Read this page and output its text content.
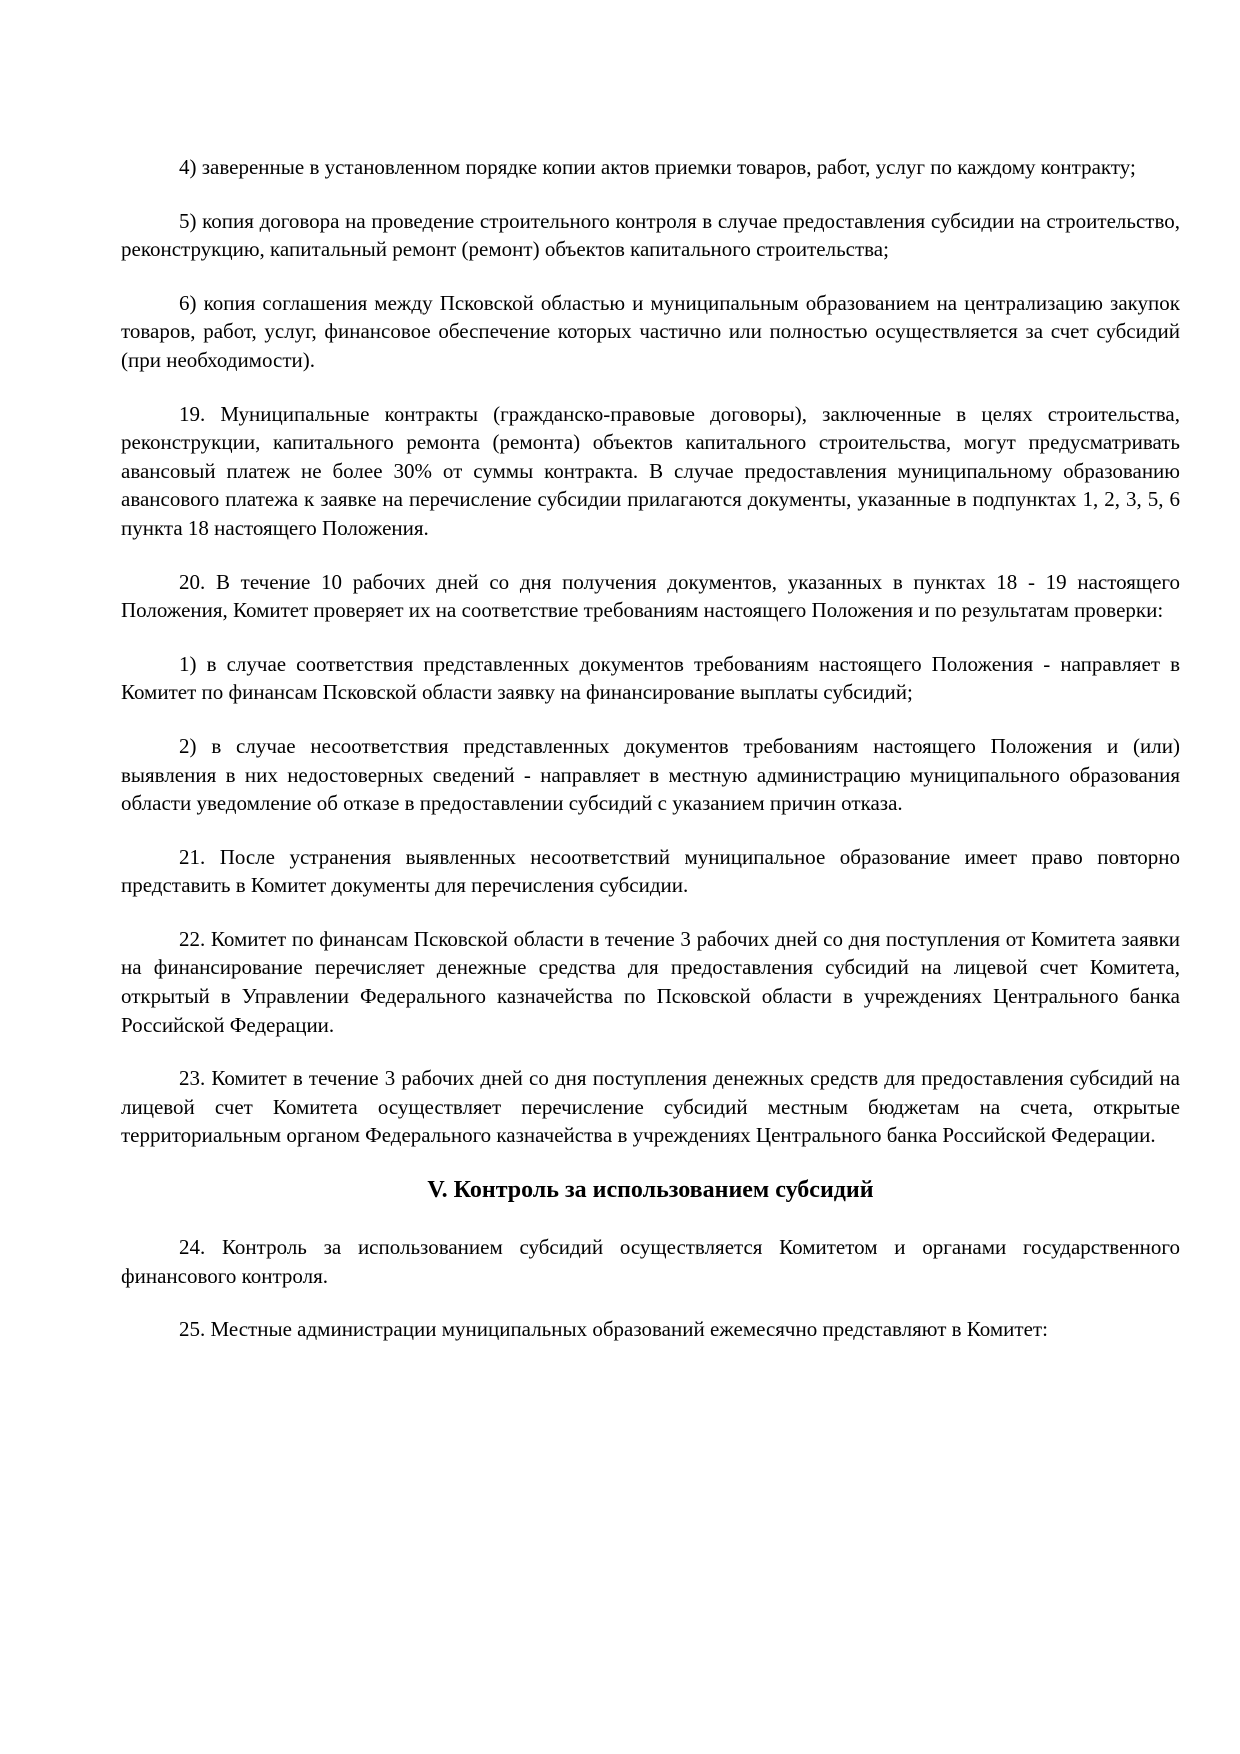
4) заверенные в установленном порядке копии актов приемки товаров, работ, услуг по каждому контракту;

5) копия договора на проведение строительного контроля в случае предоставления субсидии на строительство, реконструкцию, капитальный ремонт (ремонт) объектов капитального строительства;

6) копия соглашения между Псковской областью и муниципальным образованием на централизацию закупок товаров, работ, услуг, финансовое обеспечение которых частично или полностью осуществляется за счет субсидий (при необходимости).

19. Муниципальные контракты (гражданско-правовые договоры), заключенные в целях строительства, реконструкции, капитального ремонта (ремонта) объектов капитального строительства, могут предусматривать авансовый платеж не более 30% от суммы контракта. В случае предоставления муниципальному образованию авансового платежа к заявке на перечисление субсидии прилагаются документы, указанные в подпунктах 1, 2, 3, 5, 6 пункта 18 настоящего Положения.

20. В течение 10 рабочих дней со дня получения документов, указанных в пунктах 18 - 19 настоящего Положения, Комитет проверяет их на соответствие требованиям настоящего Положения и по результатам проверки:

1) в случае соответствия представленных документов требованиям настоящего Положения - направляет в Комитет по финансам Псковской области заявку на финансирование выплаты субсидий;

2) в случае несоответствия представленных документов требованиям настоящего Положения и (или) выявления в них недостоверных сведений - направляет в местную администрацию муниципального образования области уведомление об отказе в предоставлении субсидий с указанием причин отказа.

21. После устранения выявленных несоответствий муниципальное образование имеет право повторно представить в Комитет документы для перечисления субсидии.

22. Комитет по финансам Псковской области в течение 3 рабочих дней со дня поступления от Комитета заявки на финансирование перечисляет денежные средства для предоставления субсидий на лицевой счет Комитета, открытый в Управлении Федерального казначейства по Псковской области в учреждениях Центрального банка Российской Федерации.

23. Комитет в течение 3 рабочих дней со дня поступления денежных средств для предоставления субсидий на лицевой счет Комитета осуществляет перечисление субсидий местным бюджетам на счета, открытые территориальным органом Федерального казначейства в учреждениях Центрального банка Российской Федерации.

V. Контроль за использованием субсидий

24. Контроль за использованием субсидий осуществляется Комитетом и органами государственного финансового контроля.

25. Местные администрации муниципальных образований ежемесячно представляют в Комитет:
